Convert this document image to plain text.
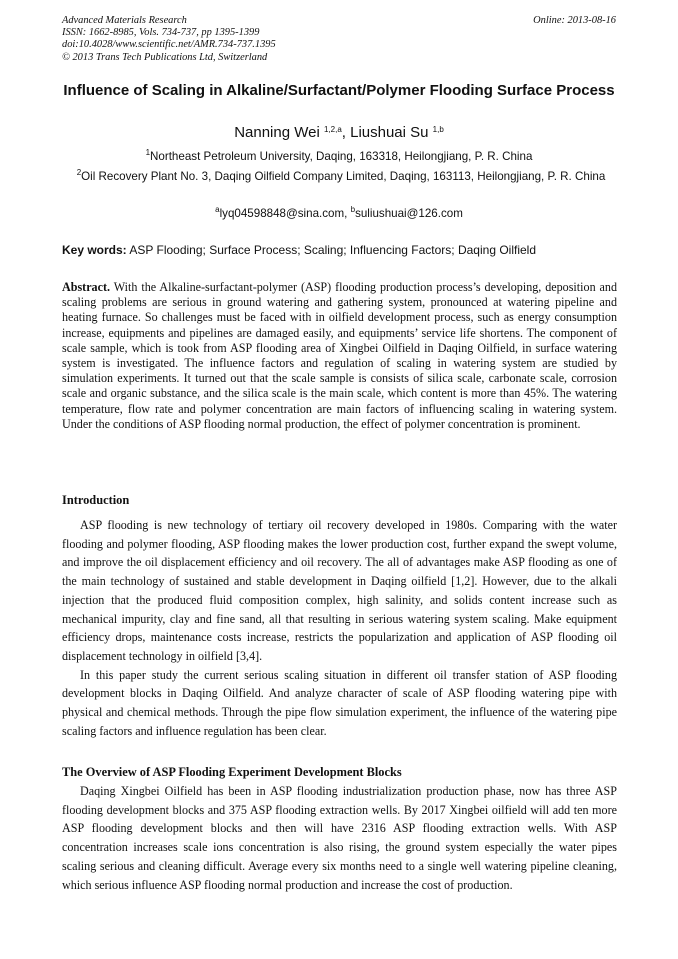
Advanced Materials Research
ISSN: 1662-8985, Vols. 734-737, pp 1395-1399
doi:10.4028/www.scientific.net/AMR.734-737.1395
© 2013 Trans Tech Publications Ltd, Switzerland
Online: 2013-08-16
Influence of Scaling in Alkaline/Surfactant/Polymer Flooding Surface Process
Nanning Wei $^{1,2,a}$, Liushuai Su $^{1,b}$
$^1$Northeast Petroleum University, Daqing, 163318, Heilongjiang, P. R. China
$^2$Oil Recovery Plant No. 3, Daqing Oilfield Company Limited, Daqing, 163113, Heilongjiang, P. R. China
$^a$lyq04598848@sina.com, $^b$suliushuai@126.com
Key words: ASP Flooding; Surface Process; Scaling; Influencing Factors; Daqing Oilfield
Abstract. With the Alkaline-surfactant-polymer (ASP) flooding production process’s developing, deposition and scaling problems are serious in ground watering and gathering system, pronounced at watering pipeline and heating furnace. So challenges must be faced with in oilfield development process, such as energy consumption increase, equipments and pipelines are damaged easily, and equipments’ service life shortens. The component of scale sample, which is took from ASP flooding area of Xingbei Oilfield in Daqing Oilfield, in surface watering system is investigated. The influence factors and regulation of scaling in watering system are studied by simulation experiments. It turned out that the scale sample is consists of silica scale, carbonate scale, corrosion scale and organic substance, and the silica scale is the main scale, which content is more than 45%. The watering temperature, flow rate and polymer concentration are main factors of influencing scaling in watering system. Under the conditions of ASP flooding normal production, the effect of polymer concentration is prominent.
Introduction

ASP flooding is new technology of tertiary oil recovery developed in 1980s. Comparing with the water flooding and polymer flooding, ASP flooding makes the lower production cost, further expand the swept volume, and improve the oil displacement efficiency and oil recovery. The all of advantages make ASP flooding as one of the main technology of sustained and stable development in Daqing oilfield [1,2]. However, due to the alkali injection that the produced fluid composition complex, high salinity, and solids content increase such as mechanical impurity, clay and fine sand, all that resulting in serious watering system scaling. Make equipment efficiency drops, maintenance costs increase, restricts the popularization and application of ASP flooding oil displacement technology in oilfield [3,4].

In this paper study the current serious scaling situation in different oil transfer station of ASP flooding development blocks in Daqing Oilfield. And analyze character of scale of ASP flooding watering pipe with physical and chemical methods. Through the pipe flow simulation experiment, the influence of the watering pipe scaling factors and influence regulation has been clear.

The Overview of ASP Flooding Experiment Development Blocks

Daqing Xingbei Oilfield has been in ASP flooding industrialization production phase, now has three ASP flooding development blocks and 375 ASP flooding extraction wells. By 2017 Xingbei oilfield will add ten more ASP flooding development blocks and then will have 2316 ASP flooding extraction wells. With ASP concentration increases scale ions concentration is also rising, the ground system especially the water pipes scaling serious and cleaning difficult. Average every six months need to a single well watering pipeline cleaning, which serious influence ASP flooding normal production and increase the cost of production.
